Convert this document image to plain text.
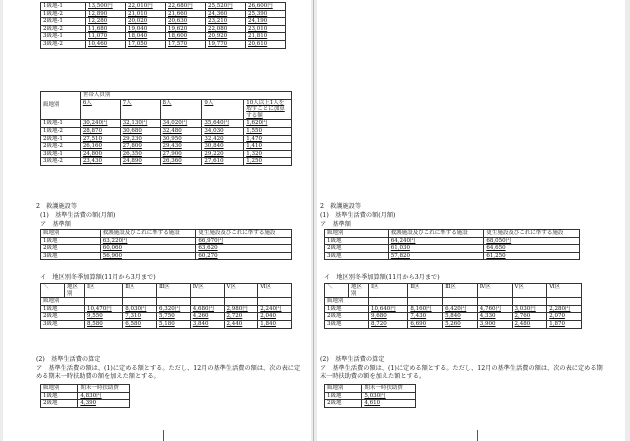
1級地-1	13,500円	22,010円	22,680円	25,520円	26,600円
1級地-2	12,890	21,010	21,660	24,360	25,390
2級地-1	12,280	20,020	20,630	23,210	24,190
2級地-2	11,680	19,040	19,620	22,080	23,010
3級地-1	11,070	18,040	18,600	20,920	21,810
3級地-2	10,460	17,050	17,570	19,770	20,610
級地別	世帯人員別				
	6人	7人	8人	9人	10人以上1人を増すごとに加算する額
1級地-1	30,240円	32,130円	34,020円	35,640円	1,620円
1級地-2	28,870	30,680	32,480	34,030	1,550
2級地-1	27,510	29,230	30,950	32,420	1,470
2級地-2	26,160	27,800	29,430	30,840	1,410
3級地-1	24,800	26,350	27,900	29,220	1,320
3級地-2	23,430	24,890	26,360	27,610	1,250
2　救護施設等
(1)　基準生活費の額(月額)
ア　基準額
級地別	救護施設及びこれに準ずる施設	更生施設及びこれに準ずる施設
1級地	63,220円	66,970円
2級地	60,060	63,620
3級地	56,900	60,270
イ　地区別冬季加算額(11月から3月まで)
＼	地区別	Ⅰ区	Ⅱ区	Ⅲ区	Ⅳ区	Ⅴ区	Ⅵ区
級地別							
1級地		10,470円	8,030円	6,320円	4,680円	2,980円	2,240円
2級地		9,550	7,310	5,750	4,260	2,720	2,040
3級地		8,580	6,580	5,180	3,840	2,440	1,840
(2)　基準生活費の算定
ア　基準生活費の額は、(1)に定める額とする。ただし、12月の基準生活費の額は、次の表に定める期末一時扶助費の額を加えた額とする。
級地別	期末一時扶助費
1級地	4,830円
2級地	4,390
2　救護施設等
(1)　基準生活費の額(月額)
ア　基準額
級地別	救護施設及びこれに準ずる施設	更生施設及びこれに準ずる施設
1級地	64,240円	68,050円
2級地	61,030	64,650
3級地	57,820	61,250
イ　地区別冬季加算額(11月から3月まで)
＼	地区別	Ⅰ区	Ⅱ区	Ⅲ区	Ⅳ区	Ⅴ区	Ⅵ区
級地別							
1級地		10,640円	8,160円	6,420円	4,760円	3,030円	2,280円
2級地		9,680	7,430	5,840	4,330	2,760	2,070
3級地		8,720	6,690	5,260	3,900	2,480	1,870
(2)　基準生活費の算定
ア　基準生活費の額は、(1)に定める額とする。ただし、12月の基準生活費の額は、次の表に定める期末一時扶助費の額を加えた額とする。
級地別	期末一時扶助費
1級地	5,030円
2級地	4,610
